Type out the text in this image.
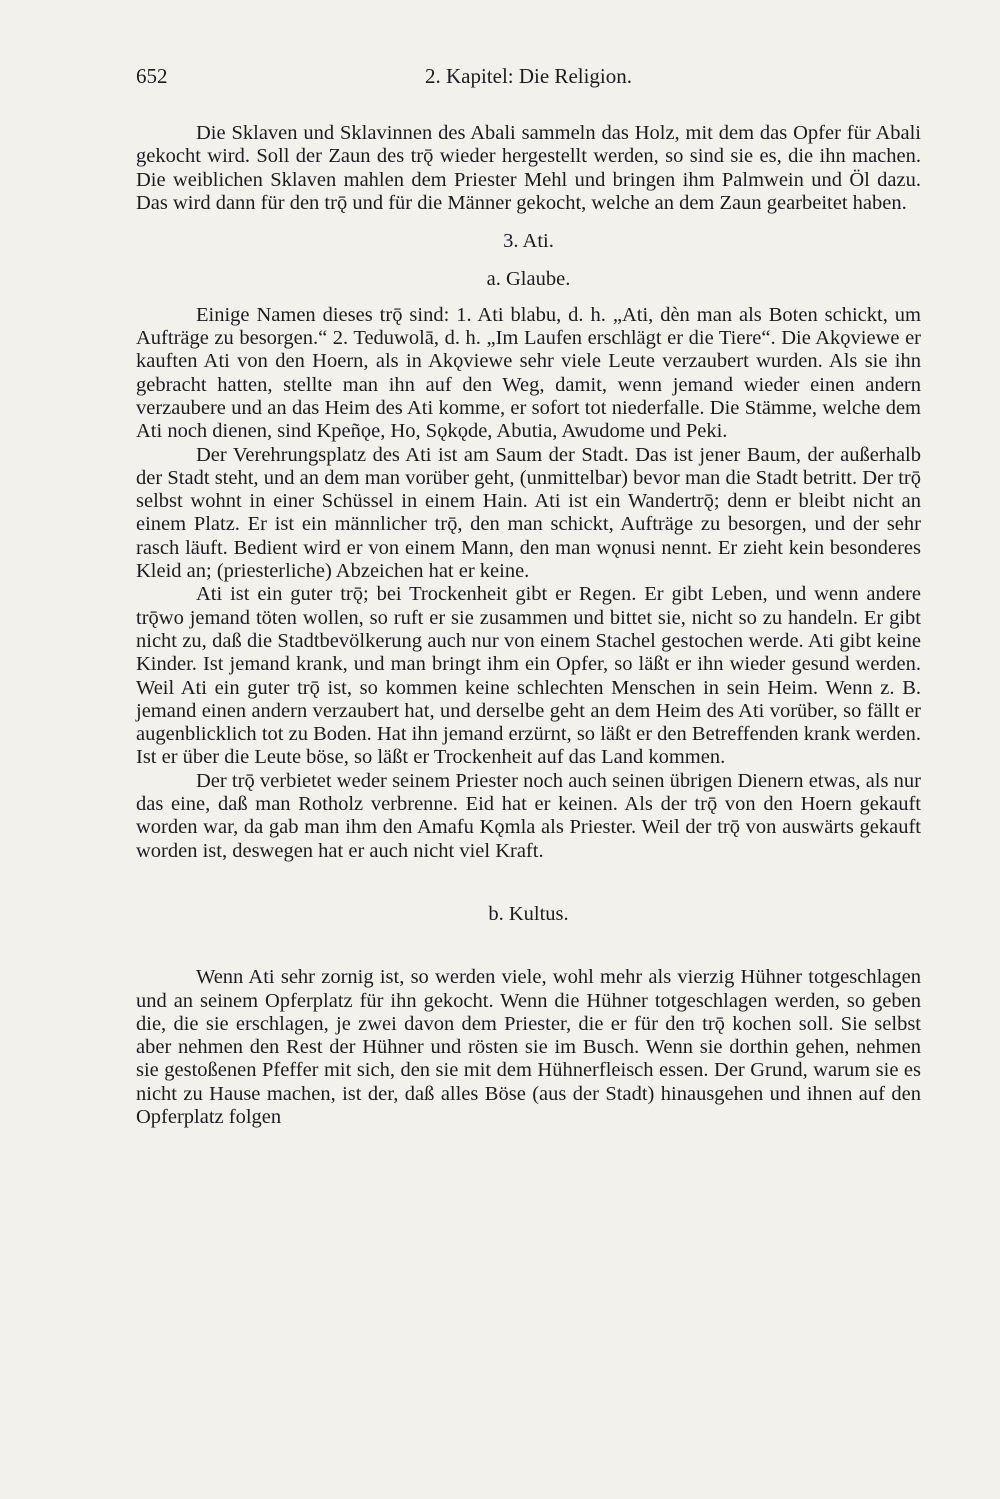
652	2. Kapitel: Die Religion.

Die Sklaven und Sklavinnen des Abali sammeln das Holz, mit dem das Opfer für Abali gekocht wird. Soll der Zaun des trǭ wieder hergestellt werden, so sind sie es, die ihn machen. Die weiblichen Sklaven mahlen dem Priester Mehl und bringen ihm Palmwein und Öl dazu. Das wird dann für den trǭ und für die Männer gekocht, welche an dem Zaun gearbeitet haben.

3. Ati.
a. Glaube.

Einige Namen dieses trǭ sind: 1. Ati blabu, d. h. „Ati, dèn man als Boten schickt, um Aufträge zu besorgen.“ 2. Teduwolā, d. h. „Im Laufen erschlägt er die Tiere“. Die Akǫviewe er kauften Ati von den Hoern, als in Akǫviewe sehr viele Leute verzaubert wurden. Als sie ihn gebracht hatten, stellte man ihn auf den Weg, damit, wenn jemand wieder einen andern verzaubere und an das Heim des Ati komme, er sofort tot niederfalle. Die Stämme, welche dem Ati noch dienen, sind Kpeñǫe, Ho, Sǫkǫde, Abutia, Awudome und Peki.

Der Verehrungsplatz des Ati ist am Saum der Stadt. Das ist jener Baum, der außerhalb der Stadt steht, und an dem man vorüber geht, (unmittelbar) bevor man die Stadt betritt. Der trǭ selbst wohnt in einer Schüssel in einem Hain. Ati ist ein Wandertrǭ; denn er bleibt nicht an einem Platz. Er ist ein männlicher trǭ, den man schickt, Aufträge zu besorgen, und der sehr rasch läuft. Bedient wird er von einem Mann, den man wǫnusi nennt. Er zieht kein besonderes Kleid an; (priesterliche) Abzeichen hat er keine.

Ati ist ein guter trǭ; bei Trockenheit gibt er Regen. Er gibt Leben, und wenn andere trǭwo jemand töten wollen, so ruft er sie zusammen und bittet sie, nicht so zu handeln. Er gibt nicht zu, daß die Stadtbevölkerung auch nur von einem Stachel gestochen werde. Ati gibt keine Kinder. Ist jemand krank, und man bringt ihm ein Opfer, so läßt er ihn wieder gesund werden. Weil Ati ein guter trǭ ist, so kommen keine schlechten Menschen in sein Heim. Wenn z. B. jemand einen andern verzaubert hat, und derselbe geht an dem Heim des Ati vorüber, so fällt er augenblicklich tot zu Boden. Hat ihn jemand erzürnt, so läßt er den Betreffenden krank werden. Ist er über die Leute böse, so läßt er Trockenheit auf das Land kommen.

Der trǭ verbietet weder seinem Priester noch auch seinen übrigen Dienern etwas, als nur das eine, daß man Rotholz verbrenne. Eid hat er keinen. Als der trǭ von den Hoern gekauft worden war, da gab man ihm den Amafu Kǫmla als Priester. Weil der trǭ von auswärts gekauft worden ist, deswegen hat er auch nicht viel Kraft.

b. Kultus.

Wenn Ati sehr zornig ist, so werden viele, wohl mehr als vierzig Hühner totgeschlagen und an seinem Opferplatz für ihn gekocht. Wenn die Hühner totgeschlagen werden, so geben die, die sie erschlagen, je zwei davon dem Priester, die er für den trǭ kochen soll. Sie selbst aber nehmen den Rest der Hühner und rösten sie im Busch. Wenn sie dorthin gehen, nehmen sie gestoßenen Pfeffer mit sich, den sie mit dem Hühnerfleisch essen. Der Grund, warum sie es nicht zu Hause machen, ist der, daß alles Böse (aus der Stadt) hinausgehen und ihnen auf den Opferplatz folgen
